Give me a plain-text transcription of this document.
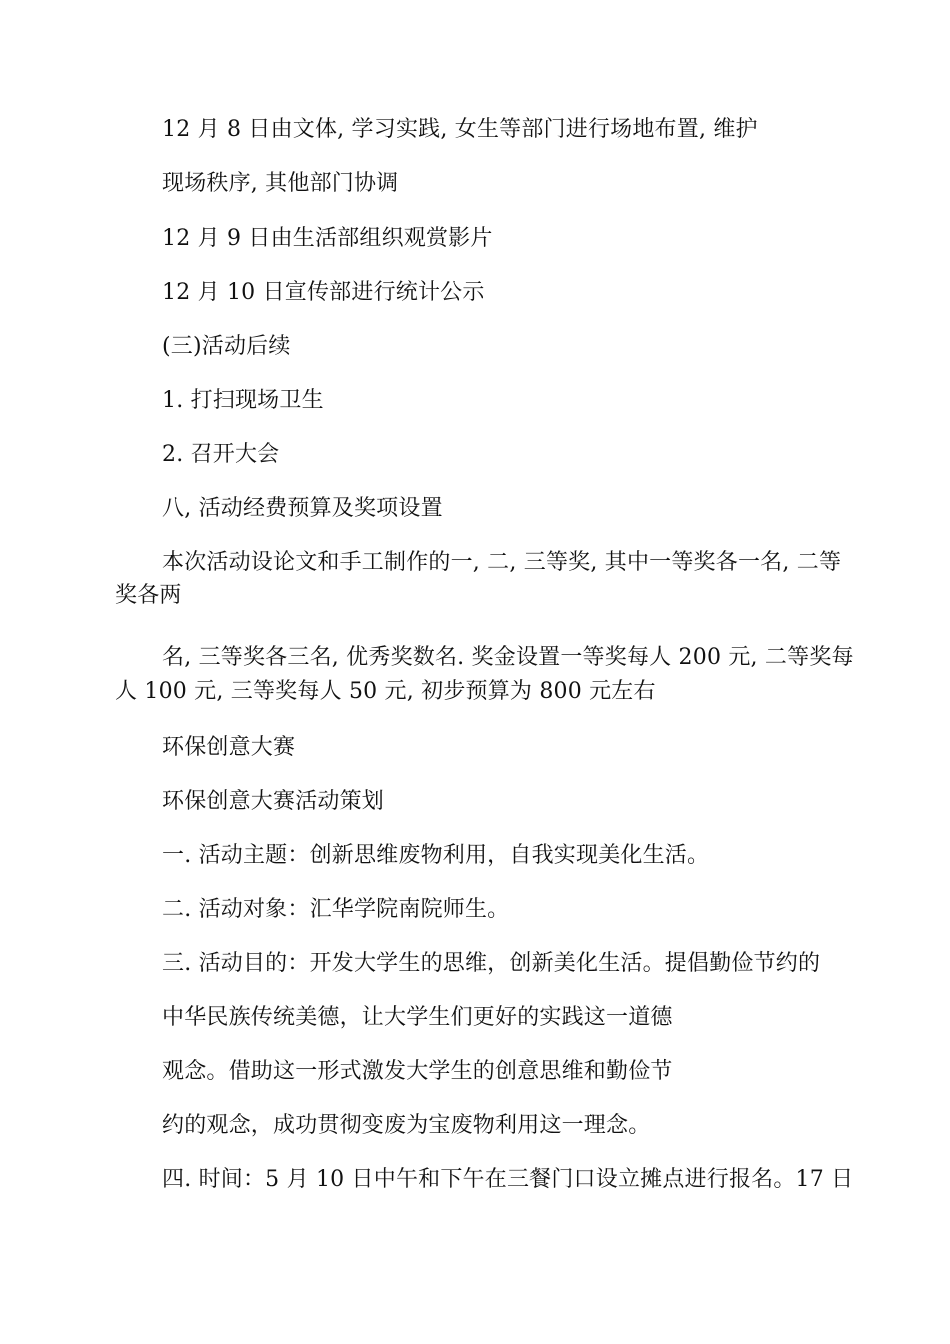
12 月 8 日由文体, 学习实践, 女生等部门进行场地布置, 维护
现场秩序, 其他部门协调
12 月 9 日由生活部组织观赏影片
12 月 10 日宣传部进行统计公示
(三)活动后续
1. 打扫现场卫生
2. 召开大会
八, 活动经费预算及奖项设置
本次活动设论文和手工制作的一, 二, 三等奖, 其中一等奖各一名, 二等
奖各两
名, 三等奖各三名, 优秀奖数名. 奖金设置一等奖每人 200 元, 二等奖每
人 100 元, 三等奖每人 50 元, 初步预算为 800 元左右
环保创意大赛
环保创意大赛活动策划
一. 活动主题：创新思维废物利用，自我实现美化生活。
二. 活动对象：汇华学院南院师生。
三. 活动目的：开发大学生的思维，创新美化生活。提倡勤俭节约的
中华民族传统美德，让大学生们更好的实践这一道德
观念。借助这一形式激发大学生的创意思维和勤俭节
约的观念，成功贯彻变废为宝废物利用这一理念。
四. 时间：5 月 10 日中午和下午在三餐门口设立摊点进行报名。17 日
